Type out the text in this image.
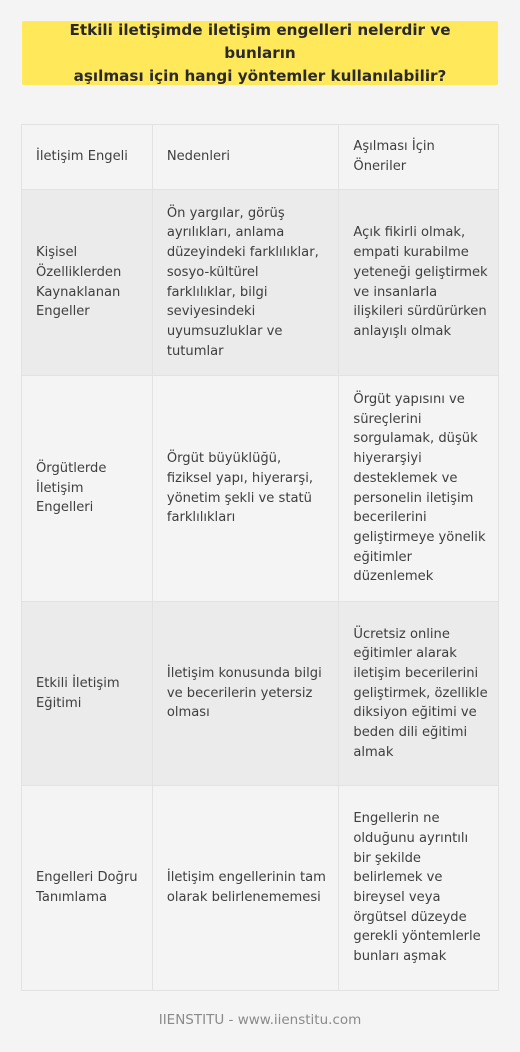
Etkili iletişimde iletişim engelleri nelerdir ve bunların
aşılması için hangi yöntemler kullanılabilir?
İletişim Engeli	Nedenleri	Aşılması İçin Öneriler
Kişisel Özelliklerden Kaynaklanan Engeller	Ön yargılar, görüş ayrılıkları, anlama düzeyindeki farklılıklar, sosyo-kültürel farklılıklar, bilgi seviyesindeki uyumsuzluklar ve tutumlar	Açık fikirli olmak, empati kurabilme yeteneği geliştirmek ve insanlarla ilişkileri sürdürürken anlayışlı olmak
Örgütlerde İletişim Engelleri	Örgüt büyüklüğü, fiziksel yapı, hiyerarşi, yönetim şekli ve statü farklılıkları	Örgüt yapısını ve süreçlerini sorgulamak, düşük hiyerarşiyi desteklemek ve personelin iletişim becerilerini geliştirmeye yönelik eğitimler düzenlemek
Etkili İletişim Eğitimi	İletişim konusunda bilgi ve becerilerin yetersiz olması	Ücretsiz online eğitimler alarak iletişim becerilerini geliştirmek, özellikle diksiyon eğitimi ve beden dili eğitimi almak
Engelleri Doğru Tanımlama	İletişim engellerinin tam olarak belirlenememesi	Engellerin ne olduğunu ayrıntılı bir şekilde belirlemek ve bireysel veya örgütsel düzeyde gerekli yöntemlerle bunları aşmak
IIENSTITU - www.iienstitu.com
